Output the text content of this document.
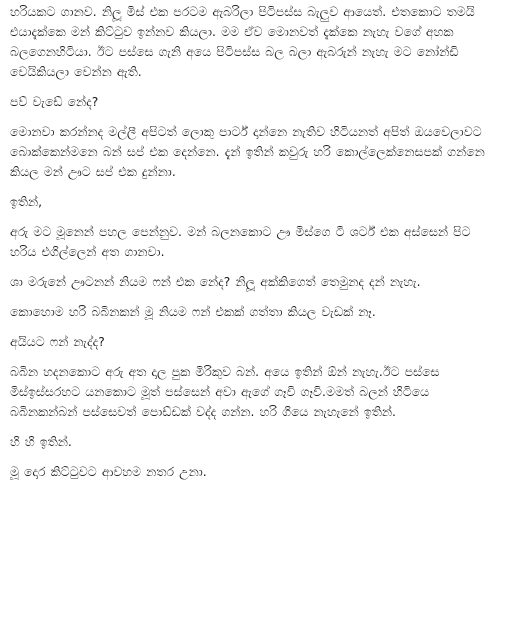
හරියකට ගානව. නිලූ මිස් එක පරටම ඇබරිලා පිටිපස්ස බැලුව ආයෙත්. එතකොට තමයි එයාදැක්කෙ මන් කිට්ටුව ඉන්නව කියලා. මම ඒව මොනවත් දැක්කෙ නැහැ වගේ අහක බලගෙනහිටියා. ඊට පස්සෙ ගැනි අයෙ පිටිපස්ස බල බලා ඇබරුන් නැහැ මට නෝන්ඩි වෙයිකියලා වෙන්න ඇති.

පව් වැඩේ නේද?

මොනවා කරන්නද මල්ලී අපිටත් ලොකු පාර්ට් දාන්නෙ නැතිව හිටියනත් අපිත් ඔයවෙලාවට බොක්කෙන්මනෙ බන් සප් එක දෙන්නෙ. දැන් ඉතින් කවුරු හරි කොල්ලෙක්නෙසපක් ගන්නෙ කියල මන් ඌට සප් එක දුන්නා.

ඉතින්,

අරු මට මූනෙන් පහල පෙන්නුව. මන් බලනකොට ඌ මිස්ගෙ ටී ශර්ට් එක අස්සෙන් පිට හරිය එගිල්ලෙන් අත ගානවා.

ශා මරුනේ ඌටනන් නියම ෆන් එක නේද? නිලූ අක්කිගෙත් තෙමුනද දන් නැහැ.

කොහොම හරි බබිනකන් මූ නියම ෆන් එකක් ගත්තා කියල වැඩක් නෑ.

අයියට ෆන් නැද්ද?

බබින හදනකොට අරු අත දාල පුක මිරිකුව බන්. අයෙ ඉතින් ඕන් නැහැ.ඊට පස්සෙ මිස්ඉස්සරහට යනකොට මූත් පස්සෙන් අවා ඇගේ ගෑවි ගෑවි.මමත් බලන් හිටියෙ බබිනකන්බන් පස්සෙවත් පොඩ්ඩක් වද්ද ගන්න. හරි ගියෙ නැහැනේ ඉතින්.

හි හි ඉතින්.

මූ දොර කිට්ටුවට ආවහම නතර උනා.
